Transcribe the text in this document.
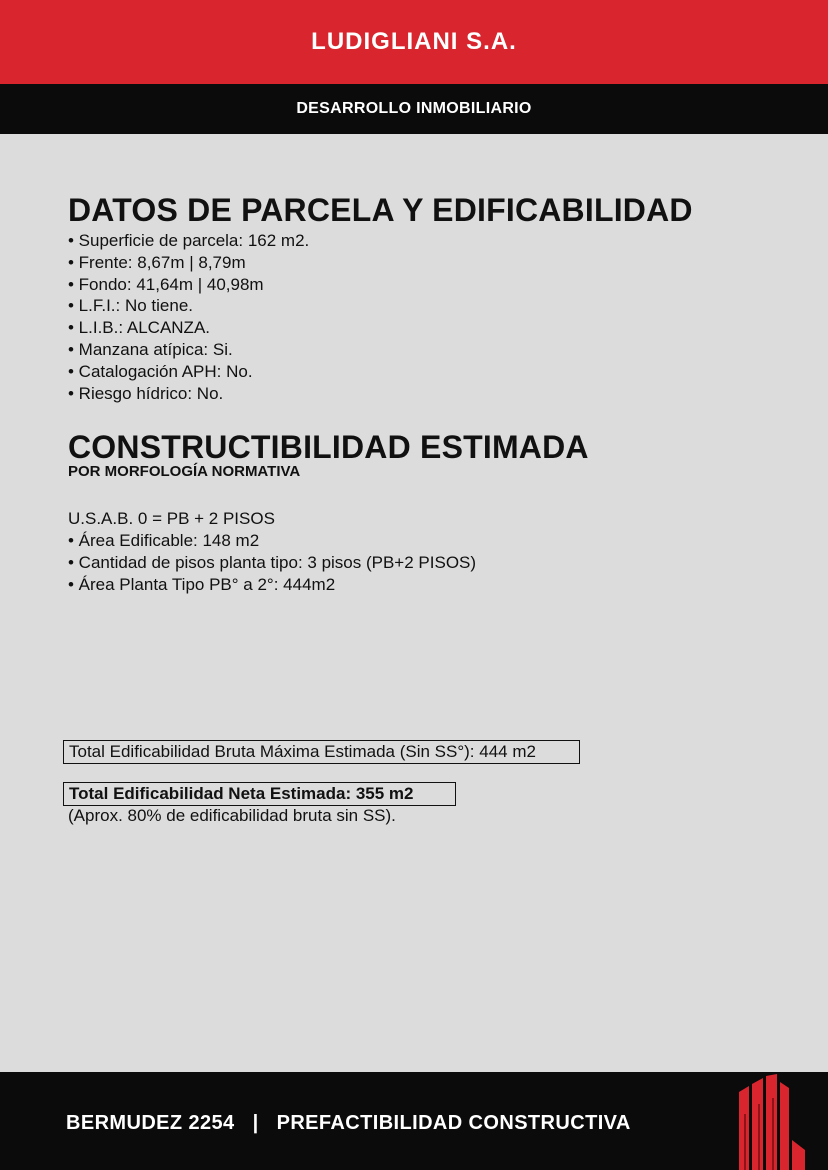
LUDIGLIANI S.A.
DESARROLLO INMOBILIARIO
DATOS DE PARCELA Y EDIFICABILIDAD
• Superficie de parcela: 162 m2.
• Frente: 8,67m | 8,79m
• Fondo: 41,64m | 40,98m
• L.F.I.: No tiene.
• L.I.B.: ALCANZA.
• Manzana atípica: Si.
• Catalogación APH: No.
• Riesgo hídrico: No.
CONSTRUCTIBILIDAD ESTIMADA
POR MORFOLOGÍA NORMATIVA
U.S.A.B. 0 = PB + 2 PISOS
• Área Edificable: 148 m2
• Cantidad de pisos planta tipo: 3 pisos (PB+2 PISOS)
• Área Planta Tipo PB° a 2°: 444m2
Total Edificabilidad Bruta Máxima Estimada (Sin SS°): 444 m2
Total Edificabilidad Neta Estimada: 355 m2
(Aprox. 80% de edificabilidad bruta sin SS).
BERMUDEZ 2254 | PREFACTIBILIDAD CONSTRUCTIVA
